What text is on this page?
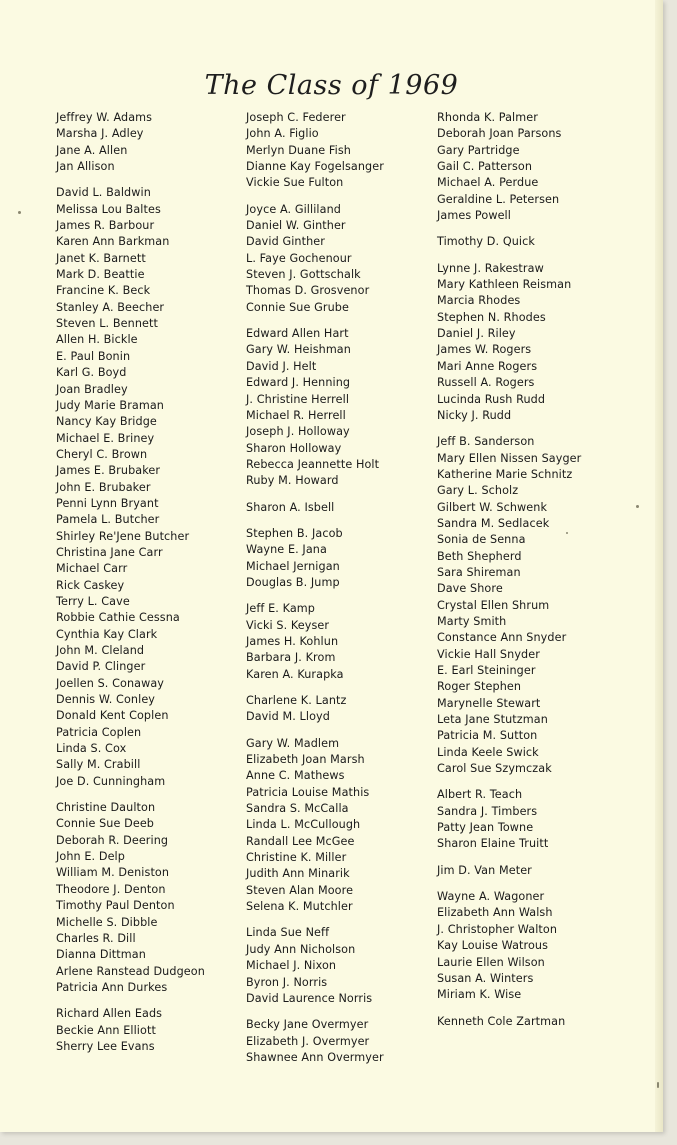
The Class of 1969
Jeffrey W. Adams
Marsha J. Adley
Jane A. Allen
Jan Allison
David L. Baldwin
Melissa Lou Baltes
James R. Barbour
Karen Ann Barkman
Janet K. Barnett
Mark D. Beattie
Francine K. Beck
Stanley A. Beecher
Steven L. Bennett
Allen H. Bickle
E. Paul Bonin
Karl G. Boyd
Joan Bradley
Judy Marie Braman
Nancy Kay Bridge
Michael E. Briney
Cheryl C. Brown
James E. Brubaker
John E. Brubaker
Penni Lynn Bryant
Pamela L. Butcher
Shirley Re'Jene Butcher
Christina Jane Carr
Michael Carr
Rick Caskey
Terry L. Cave
Robbie Cathie Cessna
Cynthia Kay Clark
John M. Cleland
David P. Clinger
Joellen S. Conaway
Dennis W. Conley
Donald Kent Coplen
Patricia Coplen
Linda S. Cox
Sally M. Crabill
Joe D. Cunningham
Christine Daulton
Connie Sue Deeb
Deborah R. Deering
John E. Delp
William M. Deniston
Theodore J. Denton
Timothy Paul Denton
Michelle S. Dibble
Charles R. Dill
Dianna Dittman
Arlene Ranstead Dudgeon
Patricia Ann Durkes
Richard Allen Eads
Beckie Ann Elliott
Sherry Lee Evans
Joseph C. Federer
John A. Figlio
Merlyn Duane Fish
Dianne Kay Fogelsanger
Vickie Sue Fulton
Joyce A. Gilliland
Daniel W. Ginther
David Ginther
L. Faye Gochenour
Steven J. Gottschalk
Thomas D. Grosvenor
Connie Sue Grube
Edward Allen Hart
Gary W. Heishman
David J. Helt
Edward J. Henning
J. Christine Herrell
Michael R. Herrell
Joseph J. Holloway
Sharon Holloway
Rebecca Jeannette Holt
Ruby M. Howard
Sharon A. Isbell
Stephen B. Jacob
Wayne E. Jana
Michael Jernigan
Douglas B. Jump
Jeff E. Kamp
Vicki S. Keyser
James H. Kohlun
Barbara J. Krom
Karen A. Kurapka
Charlene K. Lantz
David M. Lloyd
Gary W. Madlem
Elizabeth Joan Marsh
Anne C. Mathews
Patricia Louise Mathis
Sandra S. McCalla
Linda L. McCullough
Randall Lee McGee
Christine K. Miller
Judith Ann Minarik
Steven Alan Moore
Selena K. Mutchler
Linda Sue Neff
Judy Ann Nicholson
Michael J. Nixon
Byron J. Norris
David Laurence Norris
Becky Jane Overmyer
Elizabeth J. Overmyer
Shawnee Ann Overmyer
Rhonda K. Palmer
Deborah Joan Parsons
Gary Partridge
Gail C. Patterson
Michael A. Perdue
Geraldine L. Petersen
James Powell
Timothy D. Quick
Lynne J. Rakestraw
Mary Kathleen Reisman
Marcia Rhodes
Stephen N. Rhodes
Daniel J. Riley
James W. Rogers
Mari Anne Rogers
Russell A. Rogers
Lucinda Rush Rudd
Nicky J. Rudd
Jeff B. Sanderson
Mary Ellen Nissen Sayger
Katherine Marie Schnitz
Gary L. Scholz
Gilbert W. Schwenk
Sandra M. Sedlacek
Sonia de Senna
Beth Shepherd
Sara Shireman
Dave Shore
Crystal Ellen Shrum
Marty Smith
Constance Ann Snyder
Vickie Hall Snyder
E. Earl Steininger
Roger Stephen
Marynelle Stewart
Leta Jane Stutzman
Patricia M. Sutton
Linda Keele Swick
Carol Sue Szymczak
Albert R. Teach
Sandra J. Timbers
Patty Jean Towne
Sharon Elaine Truitt
Jim D. Van Meter
Wayne A. Wagoner
Elizabeth Ann Walsh
J. Christopher Walton
Kay Louise Watrous
Laurie Ellen Wilson
Susan A. Winters
Miriam K. Wise
Kenneth Cole Zartman
